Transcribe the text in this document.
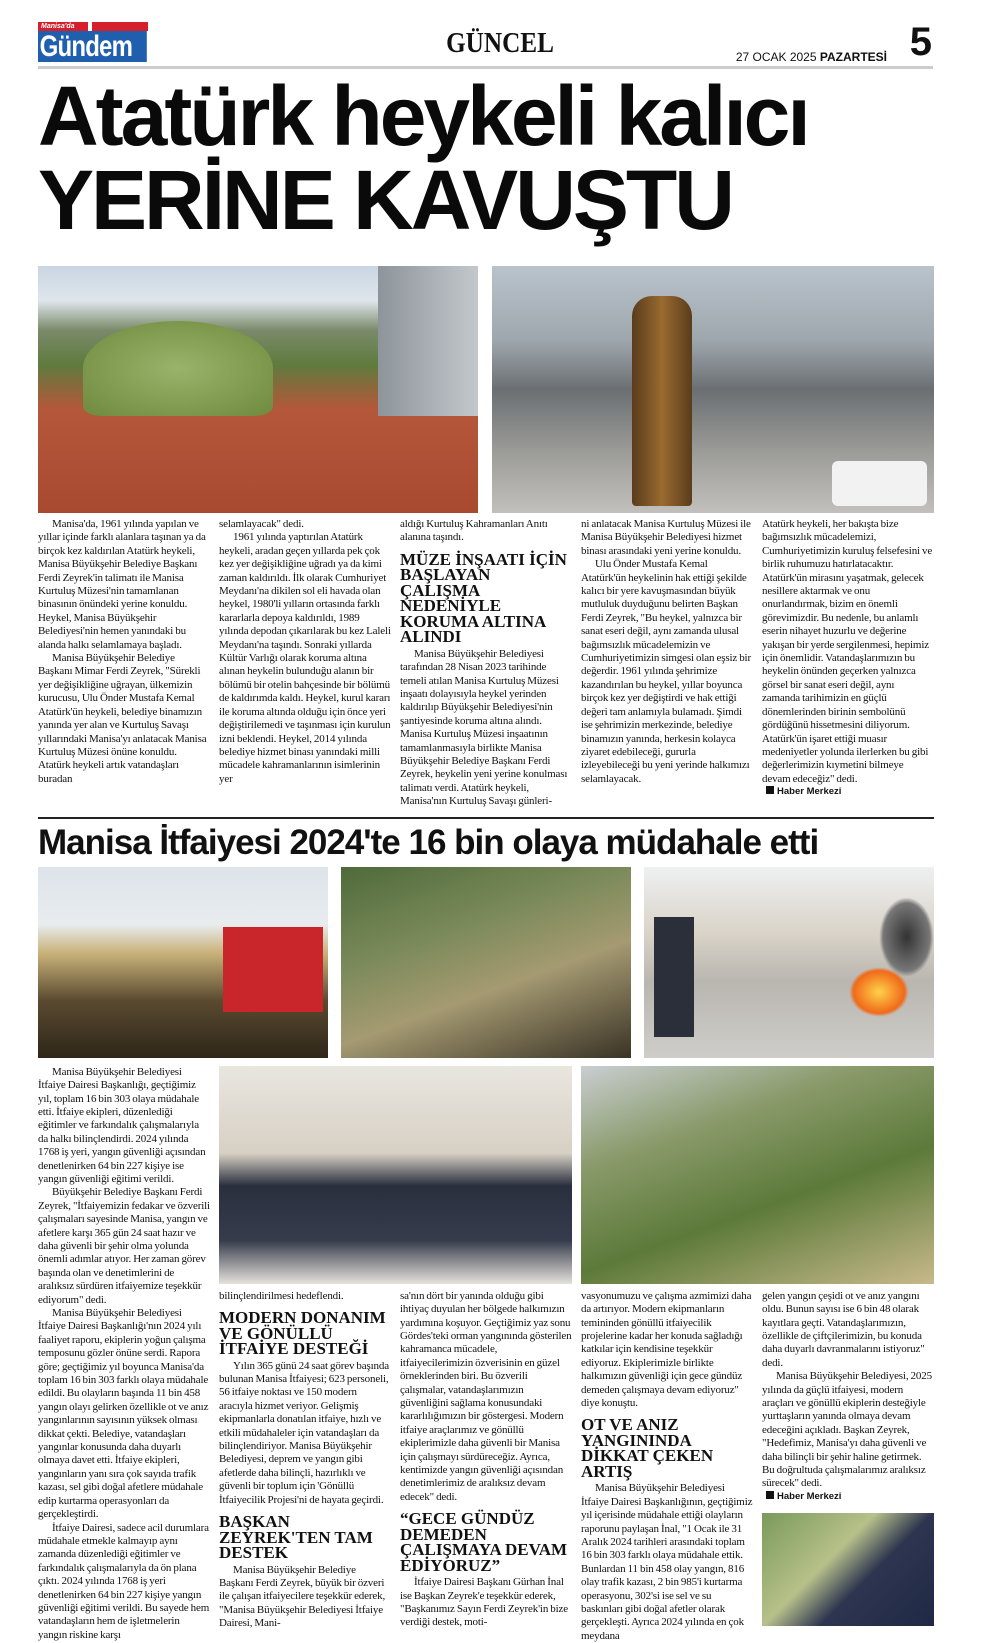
Manisa'da
Gündem	GÜNCEL	27 OCAK 2025 PAZARTESİ 5
Atatürk heykeli kalıcı
YERİNE KAVUŞTU

Manisa'da, 1961 yılında yapılan ve yıllar içinde farklı alanlara taşınan ya da birçok kez kaldırılan Atatürk heykeli, Manisa Büyükşehir Belediye Başkanı Ferdi Zeyrek'in talimatı ile Manisa Kurtuluş Müzesi'nin tamamlanan binasının önündeki yerine konuldu. Heykel, Manisa Büyükşehir Belediyesi'nin hemen yanındaki bu alanda halkı selamlamaya başladı.

Manisa Büyükşehir Belediye Başkanı Mimar Ferdi Zeyrek, "Sürekli yer değişikliğine uğrayan, ülkemizin kurucusu, Ulu Önder Mustafa Kemal Atatürk'ün heykeli, belediye binamızın yanında yer alan ve Kurtuluş Savaşı yıllarındaki Manisa'yı anlatacak Manisa Kurtuluş Müzesi önüne konuldu. Atatürk heykeli artık vatandaşları buradan

selamlayacak" dedi.

1961 yılında yaptırılan Atatürk heykeli, aradan geçen yıllarda pek çok kez yer değişikliğine uğradı ya da kimi zaman kaldırıldı. İlk olarak Cumhuriyet Meydanı'na dikilen sol eli havada olan heykel, 1980'li yılların ortasında farklı kararlarla depoya kaldırıldı, 1989 yılında depodan çıkarılarak bu kez Laleli Meydanı'na taşındı. Sonraki yıllarda Kültür Varlığı olarak koruma altına alınan heykelin bulunduğu alanın bir bölümü bir otelin bahçesinde bir bölümü de kaldırımda kaldı. Heykel, kurul kararı ile koruma altında olduğu için önce yeri değiştirilemedi ve taşınması için kurulun izni beklendi. Heykel, 2014 yılında belediye hizmet binası yanındaki milli mücadele kahramanlarının isimlerinin yer

aldığı Kurtuluş Kahramanları Anıtı alanına taşındı.

MÜZE İNŞAATI İÇİN BAŞLAYAN ÇALIŞMA NEDENİYLE KORUMA ALTINA ALINDI

Manisa Büyükşehir Belediyesi tarafından 28 Nisan 2023 tarihinde temeli atılan Manisa Kurtuluş Müzesi inşaatı dolayısıyla heykel yerinden kaldırılıp Büyükşehir Belediyesi'nin şantiyesinde koruma altına alındı. Manisa Kurtuluş Müzesi inşaatının tamamlanmasıyla birlikte Manisa Büyükşehir Belediye Başkanı Ferdi Zeyrek, heykelin yeni yerine konulması talimatı verdi. Atatürk heykeli, Manisa'nın Kurtuluş Savaşı günleri-

ni anlatacak Manisa Kurtuluş Müzesi ile Manisa Büyükşehir Belediyesi hizmet binası arasındaki yeni yerine konuldu.

Ulu Önder Mustafa Kemal Atatürk'ün heykelinin hak ettiği şekilde kalıcı bir yere kavuşmasından büyük mutluluk duyduğunu belirten Başkan Ferdi Zeyrek, "Bu heykel, yalnızca bir sanat eseri değil, aynı zamanda ulusal bağımsızlık mücadelemizin ve Cumhuriyetimizin simgesi olan eşsiz bir değerdir. 1961 yılında şehrimize kazandırılan bu heykel, yıllar boyunca birçok kez yer değiştirdi ve hak ettiği değeri tam anlamıyla bulamadı. Şimdi ise şehrimizin merkezinde, belediye binamızın yanında, herkesin kolayca ziyaret edebileceği, gururla izleyebileceği bu yeni yerinde halkımızı selamlayacak.

Atatürk heykeli, her bakışta bize bağımsızlık mücadelemizi, Cumhuriyetimizin kuruluş felsefesini ve birlik ruhumuzu hatırlatacaktır. Atatürk'ün mirasını yaşatmak, gelecek nesillere aktarmak ve onu onurlandırmak, bizim en önemli görevimizdir. Bu nedenle, bu anlamlı eserin nihayet huzurlu ve değerine yakışan bir yerde sergilenmesi, hepimiz için önemlidir. Vatandaşlarımızın bu heykelin önünden geçerken yalnızca görsel bir sanat eseri değil, aynı zamanda tarihimizin en güçlü dönemlerinden birinin sembolünü gördüğünü hissetmesini diliyorum. Atatürk'ün işaret ettiği muasır medeniyetler yolunda ilerlerken bu gibi değerlerimizin kıymetini bilmeye devam edeceğiz" dedi.

Haber Merkezi
Manisa İtfaiyesi 2024'te 16 bin olaya müdahale etti

Manisa Büyükşehir Belediyesi İtfaiye Dairesi Başkanlığı, geçtiğimiz yıl, toplam 16 bin 303 olaya müdahale etti. İtfaiye ekipleri, düzenlediği eğitimler ve farkındalık çalışmalarıyla da halkı bilinçlendirdi. 2024 yılında 1768 iş yeri, yangın güvenliği açısından denetlenirken 64 bin 227 kişiye ise yangın güvenliği eğitimi verildi.

Büyükşehir Belediye Başkanı Ferdi Zeyrek, "İtfaiyemizin fedakar ve özverili çalışmaları sayesinde Manisa, yangın ve afetlere karşı 365 gün 24 saat hazır ve daha güvenli bir şehir olma yolunda önemli adımlar atıyor. Her zaman görev başında olan ve denetimlerini de aralıksız sürdüren itfaiyemize teşekkür ediyorum" dedi.

Manisa Büyükşehir Belediyesi İtfaiye Dairesi Başkanlığı'nın 2024 yılı faaliyet raporu, ekiplerin yoğun çalışma temposunu gözler önüne serdi. Rapora göre; geçtiğimiz yıl boyunca Manisa'da toplam 16 bin 303 farklı olaya müdahale edildi. Bu olayların başında 11 bin 458 yangın olayı gelirken özellikle ot ve anız yangınlarının sayısının yüksek olması dikkat çekti. Belediye, vatandaşları yangınlar konusunda daha duyarlı olmaya davet etti. İtfaiye ekipleri, yangınların yanı sıra çok sayıda trafik kazası, sel gibi doğal afetlere müdahale edip kurtarma operasyonları da gerçekleştirdi.

İtfaiye Dairesi, sadece acil durumlara müdahale etmekle kalmayıp aynı zamanda düzenlediği eğitimler ve farkındalık çalışmalarıyla da ön plana çıktı. 2024 yılında 1768 iş yeri denetlenirken 64 bin 227 kişiye yangın güvenliği eğitimi verildi. Bu sayede hem vatandaşların hem de işletmelerin yangın riskine karşı

bilinçlendirilmesi hedeflendi.

MODERN DONANIM VE GÖNÜLLÜ İTFAİYE DESTEĞİ

Yılın 365 günü 24 saat görev başında bulunan Manisa İtfaiyesi; 623 personeli, 56 itfaiye noktası ve 150 modern aracıyla hizmet veriyor. Gelişmiş ekipmanlarla donatılan itfaiye, hızlı ve etkili müdahaleler için vatandaşları da bilinçlendiriyor. Manisa Büyükşehir Belediyesi, deprem ve yangın gibi afetlerde daha bilinçli, hazırlıklı ve güvenli bir toplum için 'Gönüllü İtfaiyecilik Projesi'ni de hayata geçirdi.

BAŞKAN ZEYREK'TEN TAM DESTEK

Manisa Büyükşehir Belediye Başkanı Ferdi Zeyrek, büyük bir özveri ile çalışan itfaiyecilere teşekkür ederek, "Manisa Büyükşehir Belediyesi İtfaiye Dairesi, Mani-

sa'nın dört bir yanında olduğu gibi ihtiyaç duyulan her bölgede halkımızın yardımına koşuyor. Geçtiğimiz yaz sonu Gördes'teki orman yangınında gösterilen kahramanca mücadele, itfaiyecilerimizin özverisinin en güzel örneklerinden biri. Bu özverili çalışmalar, vatandaşlarımızın güvenliğini sağlama konusundaki kararlılığımızın bir göstergesi. Modern itfaiye araçlarımız ve gönüllü ekiplerimizle daha güvenli bir Manisa için çalışmayı sürdüreceğiz. Ayrıca, kentimizde yangın güvenliği açısından denetimlerimiz de aralıksız devam edecek" dedi.

“GECE GÜNDÜZ DEMEDEN ÇALIŞMAYA DEVAM EDİYORUZ”

İtfaiye Dairesi Başkanı Gürhan İnal ise Başkan Zeyrek'e teşekkür ederek, "Başkanımız Sayın Ferdi Zeyrek'in bize verdiği destek, moti-

vasyonumuzu ve çalışma azmimizi daha da artırıyor. Modern ekipmanların temininden gönüllü itfaiyecilik projelerine kadar her konuda sağladığı katkılar için kendisine teşekkür ediyoruz. Ekiplerimizle birlikte halkımızın güvenliği için gece gündüz demeden çalışmaya devam ediyoruz" diye konuştu.

OT VE ANIZ YANGININDA DİKKAT ÇEKEN ARTIŞ

Manisa Büyükşehir Belediyesi İtfaiye Dairesi Başkanlığının, geçtiğimiz yıl içerisinde müdahale ettiği olayların raporunu paylaşan İnal, "1 Ocak ile 31 Aralık 2024 tarihleri arasındaki toplam 16 bin 303 farklı olaya müdahale ettik. Bunlardan 11 bin 458 olay yangın, 816 olay trafik kazası, 2 bin 985'i kurtarma operasyonu, 302'si ise sel ve su baskınları gibi doğal afetler olarak gerçekleşti. Ayrıca 2024 yılında en çok meydana

gelen yangın çeşidi ot ve anız yangını oldu. Bunun sayısı ise 6 bin 48 olarak kayıtlara geçti. Vatandaşlarımızın, özellikle de çiftçilerimizin, bu konuda daha duyarlı davranmalarını istiyoruz" dedi.

Manisa Büyükşehir Belediyesi, 2025 yılında da güçlü itfaiyesi, modern araçları ve gönüllü ekiplerin desteğiyle yurttaşların yanında olmaya devam edeceğini açıkladı. Başkan Zeyrek, "Hedefimiz, Manisa'yı daha güvenli ve daha bilinçli bir şehir haline getirmek. Bu doğrultuda çalışmalarımız aralıksız sürecek" dedi.

Haber Merkezi
